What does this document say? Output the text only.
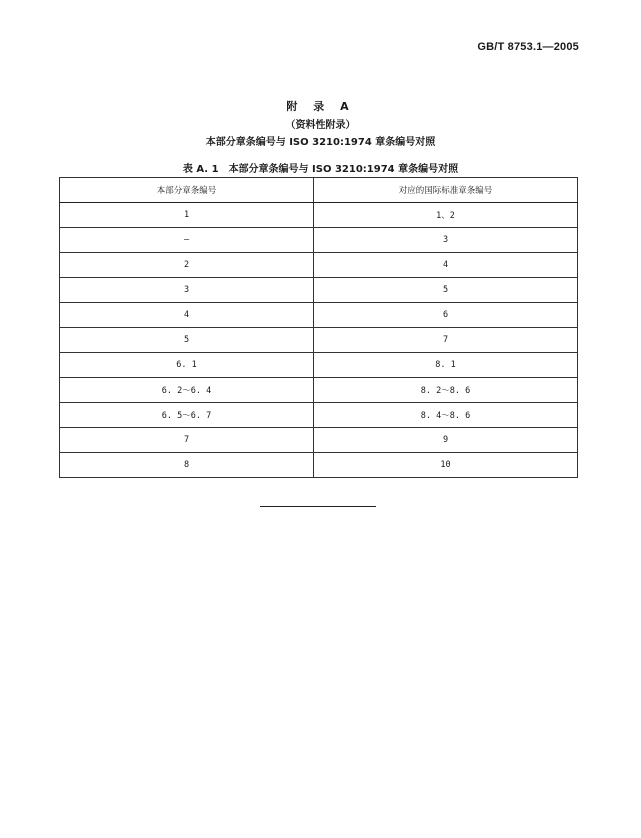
GB/T 8753.1—2005
附 录 A
（资料性附录）
本部分章条编号与 ISO 3210:1974 章条编号对照
表 A. 1 本部分章条编号与 ISO 3210:1974 章条编号对照
本部分章条编号	对应的国际标准章条编号
1	1、2
—	3
2	4
3	5
4	6
5	7
6. 1	8. 1
6. 2～6. 4	8. 2～8. 6
6. 5～6. 7	8. 4～8. 6
7	9
8	10
